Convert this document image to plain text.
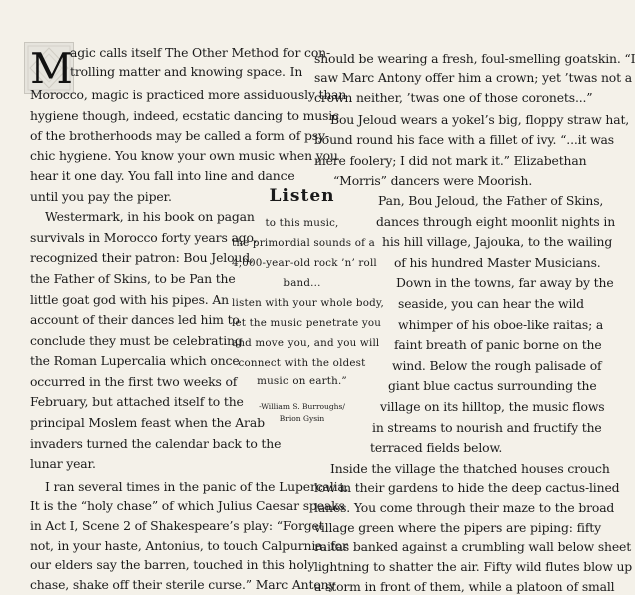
M
agic calls itself The Other Method for con-
trolling matter and knowing space. In
Morocco, magic is practiced more assiduously than
hygiene though, indeed, ecstatic dancing to music
of the brotherhoods may be called a form of psy-
chic hygiene. You know your own music when you
hear it one day. You fall into line and dance
until you pay the piper.
Westermark, in his book on pagan
survivals in Morocco forty years ago,
recognized their patron: Bou Jeloud,
the Father of Skins, to be Pan the
little goat god with his pipes. An
account of their dances led him to
conclude they must be celebrating
the Roman Lupercalia which once
occurred in the first two weeks of
February, but attached itself to the
principal Moslem feast when the Arab
invaders turned the calendar back to the
lunar year.
I ran several times in the panic of the Lupercalia.
It is the “holy chase” of which Julius Caesar speaks
in Act I, Scene 2 of Shakespeare’s play: “Forget
not, in your haste, Antonius, to touch Calpurnia: for
our elders say the barren, touched in this holy
chase, shake off their sterile curse.” Marc Antony
Listen
to this music,
the primordial sounds of a
4,000-year-old rock ’n’ roll
band...
listen with your whole body,
let the music penetrate you
and move you, and you will
connect with the oldest
music on earth.”
-William S. Burroughs/
Brion Gysin
should be wearing a fresh, foul-smelling goatskin. “I
saw Marc Antony offer him a crown; yet ’twas not a
crown neither, ’twas one of those coronets...”
Bou Jeloud wears a yokel’s big, floppy straw hat,
bound round his face with a fillet of ivy. “...it was
mere foolery; I did not mark it.” Elizabethan
“Morris” dancers were Moorish.
Pan, Bou Jeloud, the Father of Skins,
dances through eight moonlit nights in
his hill village, Jajouka, to the wailing
of his hundred Master Musicians.
Down in the towns, far away by the
seaside, you can hear the wild
whimper of his oboe-like raitas; a
faint breath of panic borne on the
wind. Below the rough palisade of
giant blue cactus surrounding the
village on its hilltop, the music flows
in streams to nourish and fructify the
terraced fields below.
Inside the village the thatched houses crouch
low in their gardens to hide the deep cactus-lined
lanes. You come through their maze to the broad
village green where the pipers are piping: fifty
raitas banked against a crumbling wall below sheet
lightning to shatter the air. Fifty wild flutes blow up
a storm in front of them, while a platoon of small
